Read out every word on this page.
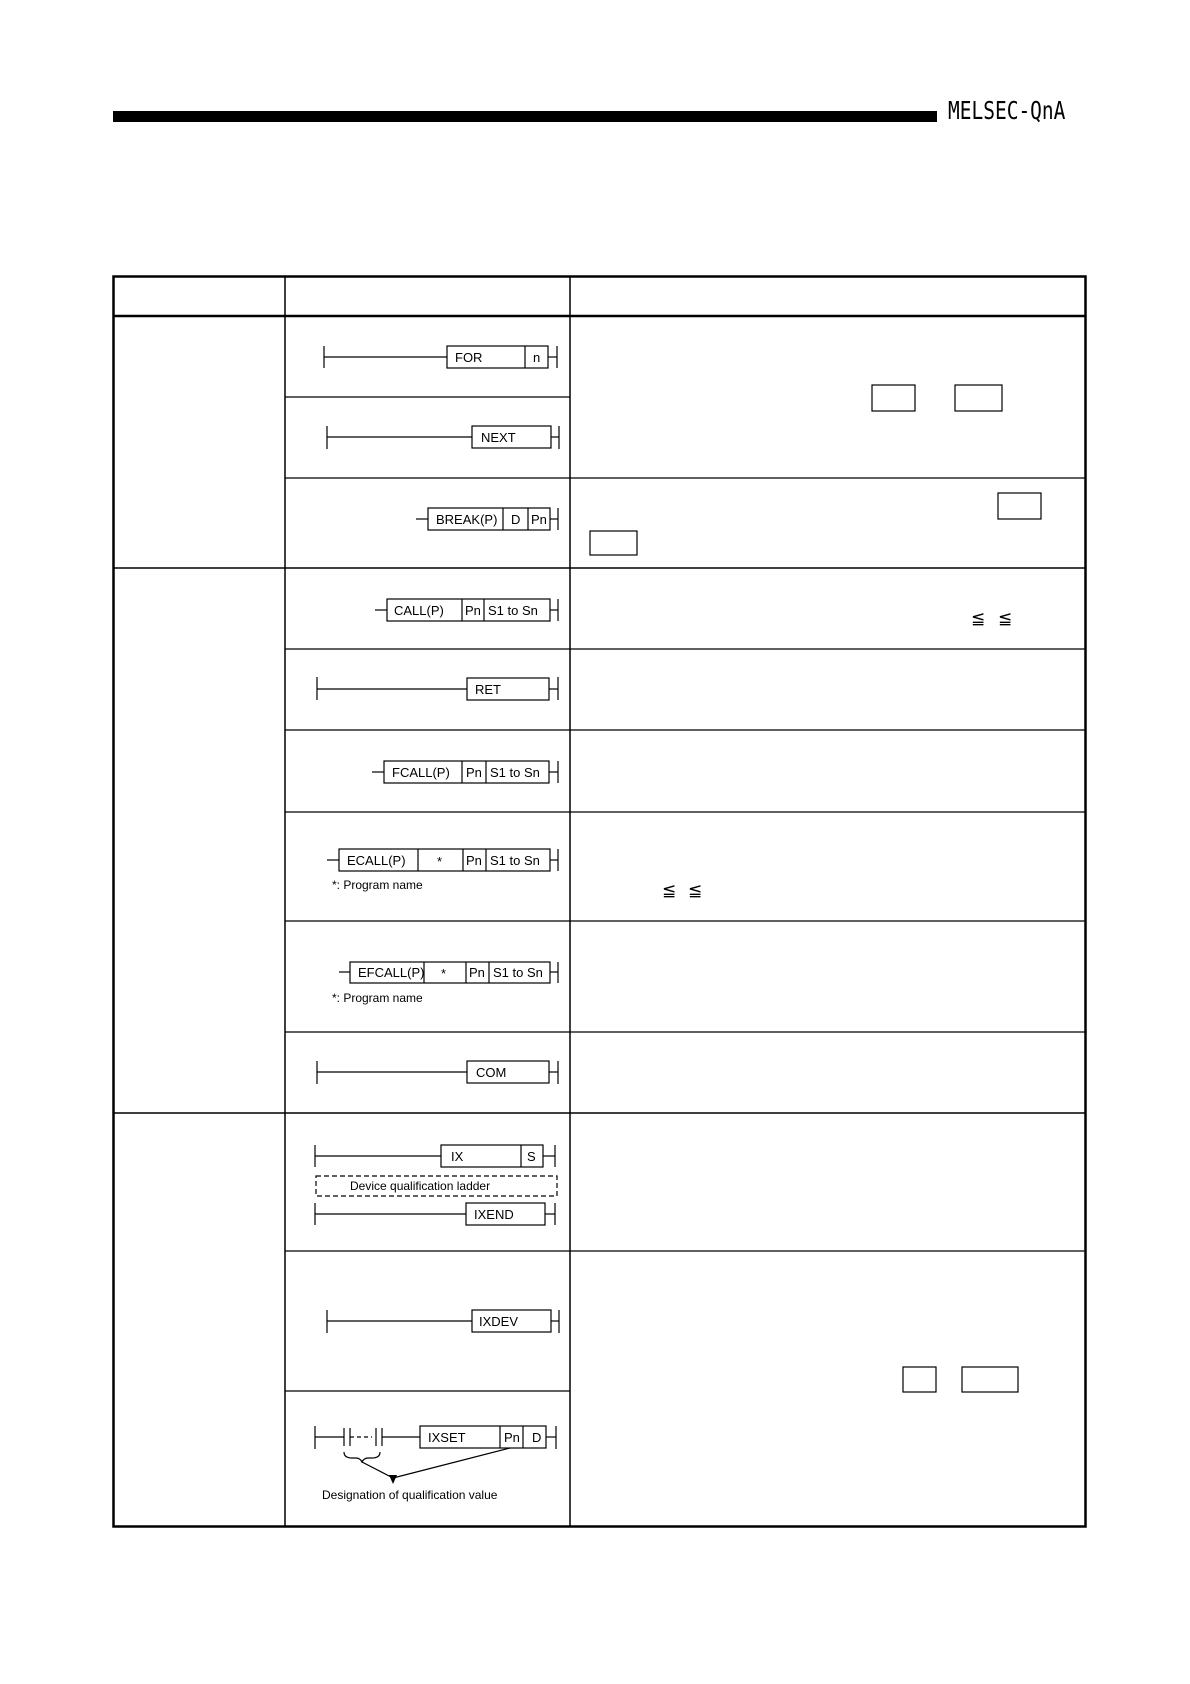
MELSEC-QnA
≦ ≦
≦ ≦
FOR	n
NEXT
BREAK(P) D Pn
CALL(P) Pn S1 to Sn
RET
FCALL(P) Pn S1 to Sn
ECALL(P) * Pn S1 to Sn
*: Program name
EFCALL(P) * Pn S1 to Sn
*: Program name
COM
IX	S
Device qualification ladder
IXEND
IXDEV
IXSET	Pn D
Designation of qualification value
